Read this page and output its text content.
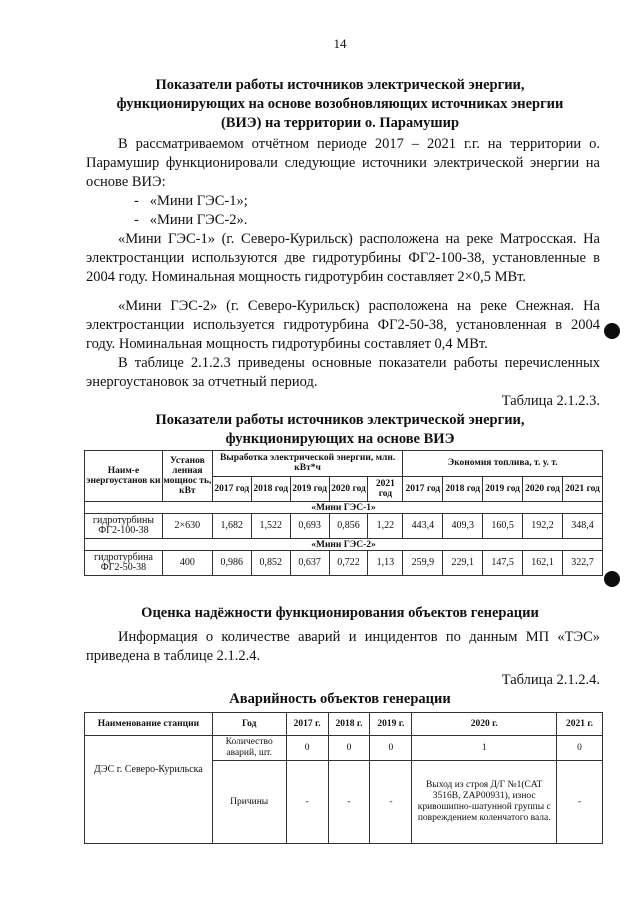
14
Показатели работы источников электрической энергии,
функционирующих на основе возобновляющих источниках энергии
(ВИЭ) на территории о. Парамушир
В рассматриваемом отчётном периоде 2017 – 2021 г.г. на территории о. Парамушир функционировали следующие источники электрической энергии на основе ВИЭ:
-   «Мини ГЭС-1»;
-   «Мини ГЭС-2».
«Мини ГЭС-1» (г. Северо-Курильск) расположена на реке Матросская. На электростанции используются две гидротурбины ФГ2-100-38, установленные в 2004 году. Номинальная мощность гидротурбин составляет 2×0,5 МВт.
«Мини ГЭС-2» (г. Северо-Курильск) расположена на реке Снежная. На электростанции используется гидротурбина ФГ2-50-38, установленная в 2004 году. Номинальная мощность гидротурбины составляет 0,4 МВт.
В таблице 2.1.2.3 приведены основные показатели работы перечисленных энергоустановок за отчетный период.
Таблица 2.1.2.3.
Показатели работы источников электрической энергии,
функционирующих на основе ВИЭ
Наим-е энергоустанов ки	Установ ленная мощнос ть, кВт	Выработка электрической энергии, млн. кВт*ч					Экономия топлива, т. у. т.				
		2017 год	2018 год	2019 год	2020 год	2021 год	2017 год	2018 год	2019 год	2020 год	2021 год
«Мини ГЭС-1»											
гидротурбины ФГ2-100-38	2×630	1,682	1,522	0,693	0,856	1,22	443,4	409,3	160,5	192,2	348,4
«Мини ГЭС-2»											
гидротурбина ФГ2-50-38	400	0,986	0,852	0,637	0,722	1,13	259,9	229,1	147,5	162,1	322,7
Оценка надёжности функционирования объектов генерации
Информация о количестве аварий и инцидентов по данным МП «ТЭС» приведена в таблице 2.1.2.4.
Таблица 2.1.2.4.
Аварийность объектов генерации
Наименование станции	Год	2017 г.	2018 г.	2019 г.	2020 г.	2021 г.
ДЭС г. Северо-Курильска	Количество аварий, шт.	0	0	0	1	0
	Причины	-	-	-	Выход из строя Д/Г №1(CAT 3516B, ZAP00931), износ кривошипно-шатунной группы с повреждением коленчатого вала.	-
